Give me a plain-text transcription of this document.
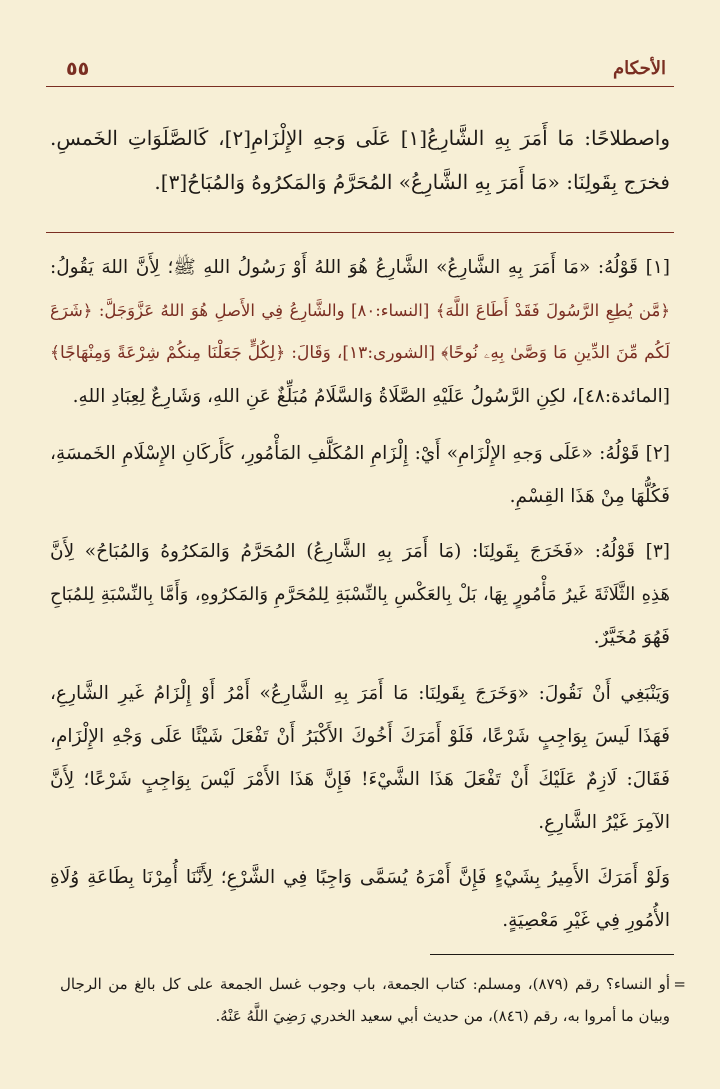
٥٥	الأحكام
واصطلاحًا: مَا أَمَرَ بِهِ الشَّارِعُ[١] عَلَى وَجهِ الإِلْزَامِ[٢]، كَالصَّلَوَاتِ الخَمسِ.
فخرَج بِقَولِنَا: «مَا أَمَرَ بِهِ الشَّارِعُ» المُحَرَّمُ وَالمَكرُوهُ وَالمُبَاحُ[٣].
[١] قَوْلُهُ: «مَا أَمَرَ بِهِ الشَّارِعُ» الشَّارِعُ هُوَ اللهُ أَوْ رَسُولُ اللهِ ﷺ؛ لِأَنَّ اللهَ يَقُولُ:
﴿مَّن يُطِعِ الرَّسُولَ فَقَدْ أَطَاعَ اللَّهَ﴾ [النساء:٨٠] والشَّارِعُ فِي الأَصلِ هُوَ اللهُ عَزَّوَجَلَّ: ﴿شَرَعَ
لَكُم مِّنَ الدِّينِ مَا وَصَّىٰ بِهِۦ نُوحًا﴾ [الشورى:١٣]، وَقَالَ: ﴿لِكُلٍّ جَعَلْنَا مِنكُمْ شِرْعَةً وَمِنْهَاجًا﴾
[المائدة:٤٨]، لكِنِ الرَّسُولُ عَلَيْهِ الصَّلَاةُ وَالسَّلَامُ مُبَلِّغٌ عَنِ اللهِ، وَشَارِعٌ لِعِبَادِ اللهِ.
[٢] قَوْلُهُ: «عَلَى وَجهِ الإِلْزَامِ» أَيْ: إِلْزَامِ المُكَلَّفِ المَأْمُورِ، كَأَركَانِ الإِسْلَامِ الخَمسَةِ،
فَكُلُّهَا مِنْ هَذَا القِسْمِ.
[٣] قَوْلُهُ: «فَخَرَجَ بِقَولِنَا: (مَا أَمَرَ بِهِ الشَّارِعُ) المُحَرَّمُ وَالمَكرُوهُ وَالمُبَاحُ» لِأَنَّ
هَذِهِ الثَّلَاثَةَ غَيرُ مَأْمُورٍ بِهَا، بَلْ بِالعَكْسِ بِالنِّسْبَةِ لِلمُحَرَّمِ وَالمَكرُوهِ، وَأَمَّا بِالنِّسْبَةِ لِلمُبَاحِ
فَهُوَ مُخَيَّرٌ.
وَيَنْبَغِي أَنْ نَقُولَ: «وَخَرَجَ بِقَولِنَا: مَا أَمَرَ بِهِ الشَّارِعُ» أَمْرُ أَوْ إِلْزَامُ غَيرِ الشَّارِعِ،
فَهَذَا لَيسَ بِوَاجِبٍ شَرْعًا، فَلَوْ أَمَرَكَ أَخُوكَ الأَكْبَرُ أَنْ تَفْعَلَ شَيْئًا عَلَى وَجْهِ الإِلْزَامِ،
فَقَالَ: لَازِمٌ عَلَيْكَ أَنْ تَفْعَلَ هَذَا الشَّيْءَ! فَإِنَّ هَذَا الأَمْرَ لَيْسَ بِوَاجِبٍ شَرْعًا؛ لِأَنَّ
الآمِرَ غَيْرُ الشَّارِعِ.
وَلَوْ أَمَرَكَ الأَمِيرُ بِشَيْءٍ فَإِنَّ أَمْرَهُ يُسَمَّى وَاجِبًا فِي الشَّرْعِ؛ لِأَنَّنَا أُمِرْنَا بِطَاعَةِ وُلَاةِ
الأُمُورِ فِي غَيْرِ مَعْصِيَةٍ.
=
أو النساء؟ رقم (٨٧٩)، ومسلم: كتاب الجمعة، باب وجوب غسل الجمعة على كل بالغ من الرجال
وبيان ما أمروا به، رقم (٨٤٦)، من حديث أبي سعيد الخدري رَضِيَ اللَّهُ عَنْهُ.
